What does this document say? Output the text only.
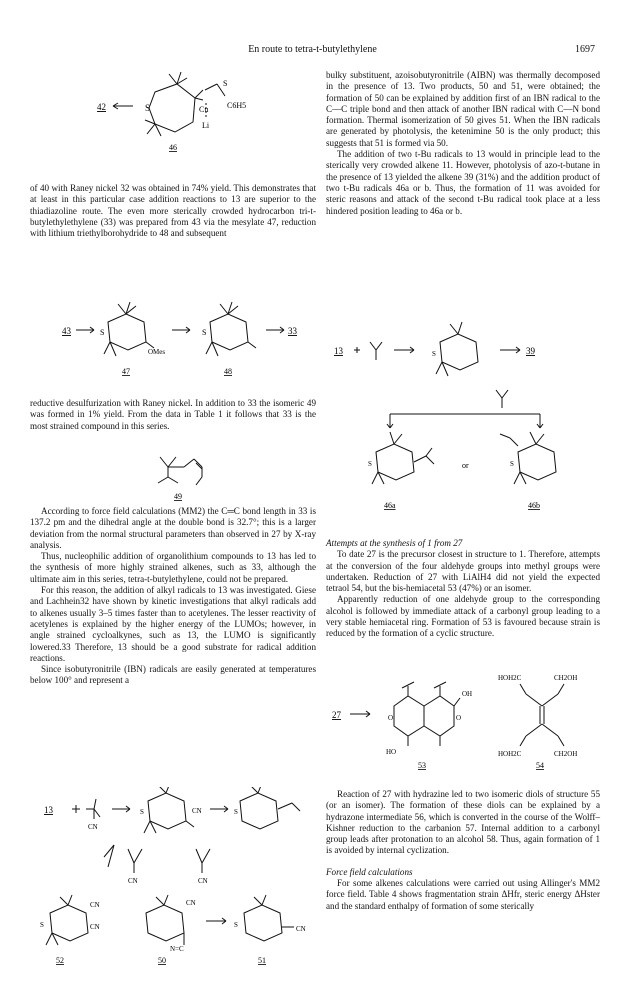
En route to tetra-t-butylethylene	1697
42	S	Cu
Li
S
C6H5
46

of 40 with Raney nickel 32 was obtained in 74% yield. This demonstrates that at least in this particular case addition reactions to 13 are superior to the thiadiazoline route. The even more sterically crowded hydrocarbon tri-t-butylethylethylene (33) was prepared from 43 via the mesylate 47, reduction with lithium triethylborohydride to 48 and subsequent

43	S
OMes
S	33
47	48

reductive desulfurization with Raney nickel. In addition to 33 the isomeric 49 was formed in 1% yield. From the data in Table 1 it follows that 33 is the most strained compound in this series.

49

According to force field calculations (MM2) the C═C bond length in 33 is 137.2 pm and the dihedral angle at the double bond is 32.7°; this is a larger deviation from the normal structural parameters than observed in 27 by X-ray analysis.

Thus, nucleophilic addition of organolithium compounds to 13 has led to the synthesis of more highly strained alkenes, such as 33, although the ultimate aim in this series, tetra-t-butylethylene, could not be prepared.

For this reason, the addition of alkyl radicals to 13 was investigated. Giese and Lachhein32 have shown by kinetic investigations that alkyl radicals add to alkenes usually 3–5 times faster than to acetylenes. The lesser reactivity of acetylenes is explained by the higher energy of the LUMOs; however, in angle strained cycloalkynes, such as 13, the LUMO is significantly lowered.33 Therefore, 13 should be a good substrate for radical addition reactions.

Since isobutyronitrile (IBN) radicals are easily generated at temperatures below 100° and represent a

13
CN
S	CN	S
CN
CN
CN
CN
S
CN
N=C
CN
S
52	50	51

bulky substituent, azoisobutyronitrile (AIBN) was thermally decomposed in the presence of 13. Two products, 50 and 51, were obtained; the formation of 50 can be explained by addition first of an IBN radical to the C—C triple bond and then attack of another IBN radical with C—N bond formation. Thermal isomerization of 50 gives 51. When the IBN radicals are generated by photolysis, the ketenimine 50 is the only product; this suggests that 51 is formed via 50.

The addition of two t-Bu radicals to 13 would in principle lead to the sterically very crowded alkene 11. However, photolysis of azo-t-butane in the presence of 13 yielded the alkene 39 (31%) and the addition product of two t-Bu radicals 46a or b. Thus, the formation of 11 was avoided for steric reasons and attack of the second t-Bu radical took place at a less hindered position leading to 46a or b.

13	S	39
S	or	S
46a	46b

Attempts at the synthesis of 1 from 27

To date 27 is the precursor closest in structure to 1. Therefore, attempts at the conversion of the four aldehyde groups into methyl groups were undertaken. Reduction of 27 with LiAlH4 did not yield the expected tetraol 54, but the bis-hemiacetal 53 (47%) or an isomer.

Apparently reduction of one aldehyde group to the corresponding alcohol is followed by immediate attack of a carbonyl group leading to a very stable hemiacetal ring. Formation of 53 is favoured because strain is reduced by the formation of a cyclic structure.

27
OH
HO
O	O
HOH2C	CH2OH
HOH2C	CH2OH
53	54

Reaction of 27 with hydrazine led to two isomeric diols of structure 55 (or an isomer). The formation of these diols can be explained by a hydrazone intermediate 56, which is converted in the course of the Wolff–Kishner reduction to the carbanion 57. Internal addition to a carbonyl group leads after protonation to an alcohol 58. Thus, again formation of 1 is avoided by internal cyclization.

Force field calculations

For some alkenes calculations were carried out using Allinger's MM2 force field. Table 4 shows fragmentation strain ΔHfr, steric energy ΔHster and the standard enthalpy of formation of some sterically
